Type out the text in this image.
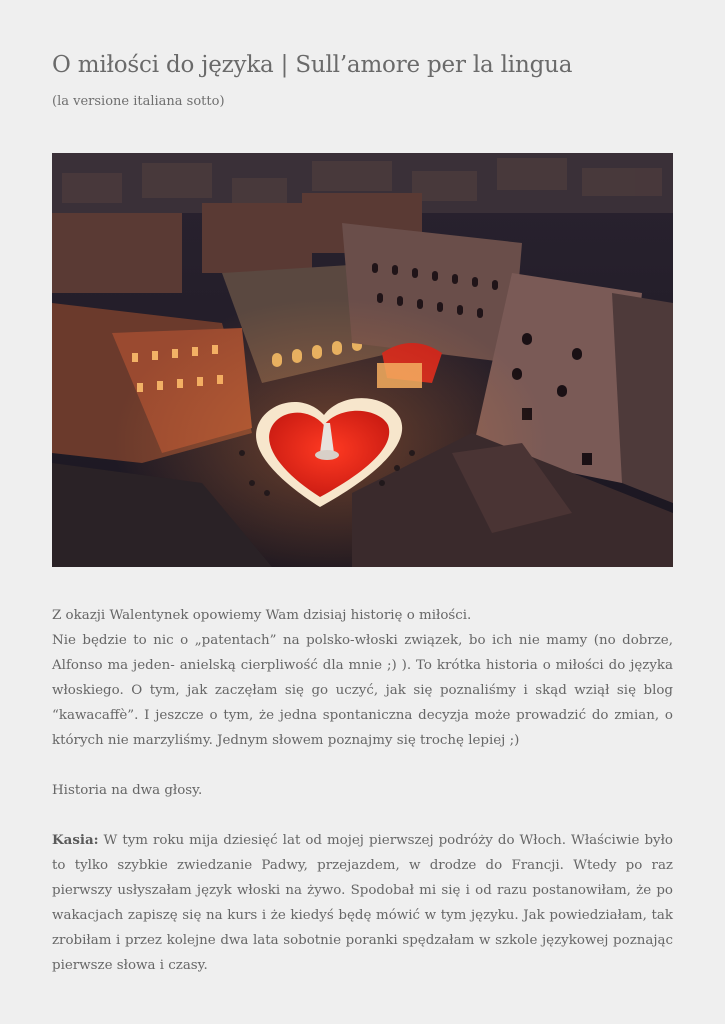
O miłości do języka | Sull’amore per la lingua
(la versione italiana sotto)

Z okazji Walentynek opowiemy Wam dzisiaj historię o miłości.

Nie będzie to nic o „patentach” na polsko-włoski związek, bo ich nie mamy (no dobrze, Alfonso ma jeden- anielską cierpliwość dla mnie ;) ). To krótka historia o miłości do języka włoskiego. O tym, jak zaczęłam się go uczyć, jak się poznaliśmy i skąd wziął się blog “kawacaffè”. I jeszcze o tym, że jedna spontaniczna decyzja może prowadzić do zmian, o których nie marzyliśmy. Jednym słowem poznajmy się trochę lepiej ;)

Historia na dwa głosy.

Kasia: W tym roku mija dziesięć lat od mojej pierwszej podróży do Włoch. Właściwie było to tylko szybkie zwiedzanie Padwy, przejazdem, w drodze do Francji. Wtedy po raz pierwszy usłyszałam język włoski na żywo. Spodobał mi się i od razu postanowiłam, że po wakacjach zapiszę się na kurs i że kiedyś będę mówić w tym języku. Jak powiedziałam, tak zrobiłam i przez kolejne dwa lata sobotnie poranki spędzałam w szkole językowej poznając pierwsze słowa i czasy.
